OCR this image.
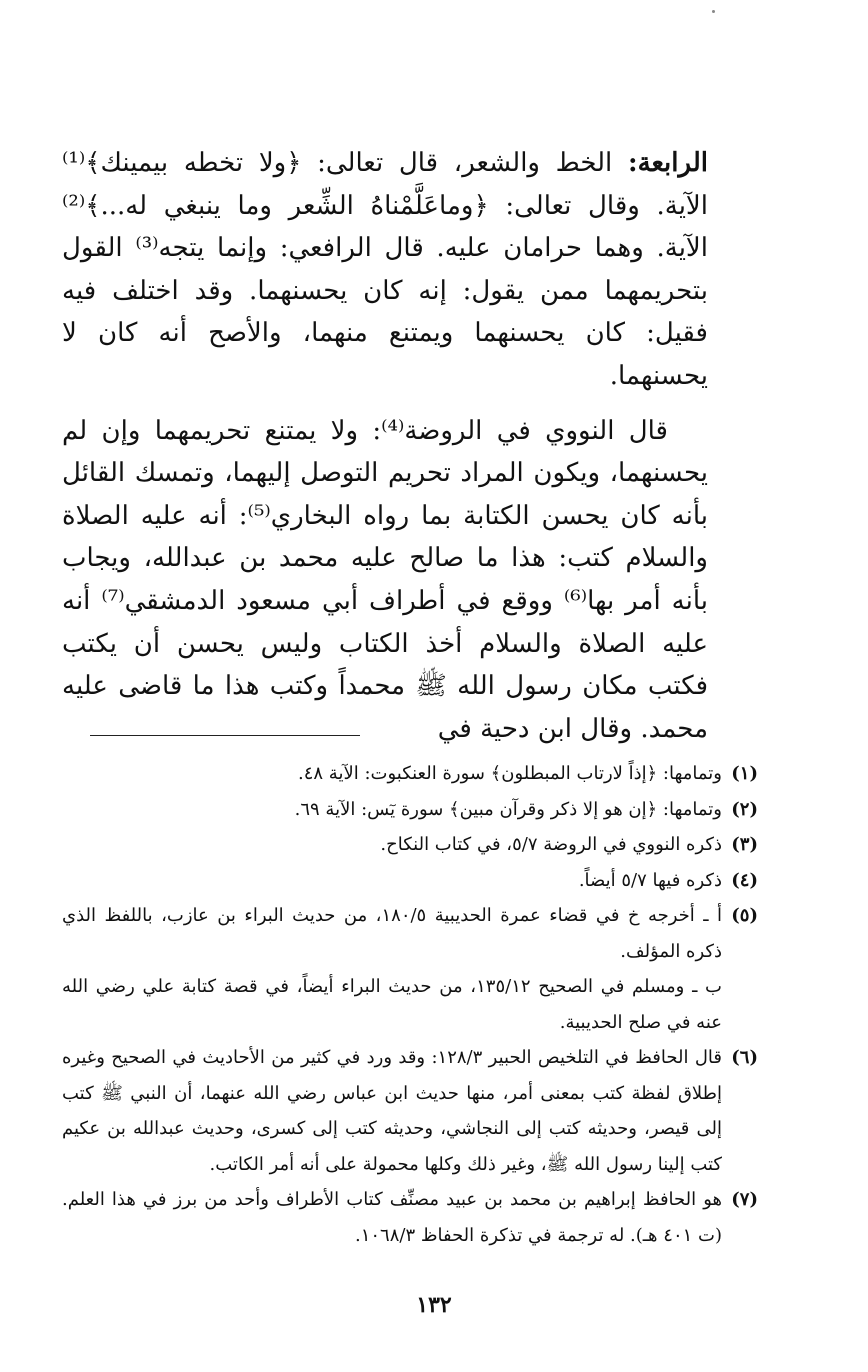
الرابعة: الخط والشعر، قال تعالى: ﴿ولا تخطه بيمينك﴾⁽¹⁾ الآية. وقال تعالى: ﴿وماعَلَّمْناهُ الشِّعر وما ينبغي له...﴾⁽²⁾ الآية. وهما حرامان عليه. قال الرافعي: وإنما يتجه⁽³⁾ القول بتحريمهما ممن يقول: إنه كان يحسنهما. وقد اختلف فيه فقيل: كان يحسنهما ويمتنع منهما، والأصح أنه كان لا يحسنهما.

قال النووي في الروضة⁽⁴⁾: ولا يمتنع تحريمهما وإن لم يحسنهما، ويكون المراد تحريم التوصل إليهما، وتمسك القائل بأنه كان يحسن الكتابة بما رواه البخاري⁽⁵⁾: أنه عليه الصلاة والسلام كتب: هذا ما صالح عليه محمد بن عبدالله، ويجاب بأنه أمر بها⁽⁶⁾ ووقع في أطراف أبي مسعود الدمشقي⁽⁷⁾ أنه عليه الصلاة والسلام أخذ الكتاب وليس يحسن أن يكتب فكتب مكان رسول الله ﷺ محمداً وكتب هذا ما قاضى عليه محمد. وقال ابن دحية في

(١)
وتمامها: ﴿إذاً لارتاب المبطلون﴾ سورة العنكبوت: الآية ٤٨.
(٢)
وتمامها: ﴿إن هو إلا ذكر وقرآن مبين﴾ سورة يٓس: الآية ٦٩.
(٣)
ذكره النووي في الروضة ٥/٧، في كتاب النكاح.
(٤)
ذكره فيها ٥/٧ أيضاً.
(٥)
أ ـ أخرجه خ في قضاء عمرة الحديبية ١٨٠/٥، من حديث البراء بن عازب، باللفظ الذي ذكره المؤلف.
ب ـ ومسلم في الصحيح ١٣٥/١٢، من حديث البراء أيضاً، في قصة كتابة علي رضي الله عنه في صلح الحديبية.
(٦)
قال الحافظ في التلخيص الحبير ١٢٨/٣: وقد ورد في كثير من الأحاديث في الصحيح وغيره إطلاق لفظة كتب بمعنى أمر، منها حديث ابن عباس رضي الله عنهما، أن النبي ﷺ كتب إلى قيصر، وحديثه كتب إلى النجاشي، وحديثه كتب إلى كسرى، وحديث عبدالله بن عكيم كتب إلينا رسول الله ﷺ، وغير ذلك وكلها محمولة على أنه أمر الكاتب.
(٧)
هو الحافظ إبراهيم بن محمد بن عبيد مصنِّف كتاب الأطراف وأحد من برز في هذا العلم. (ت ٤٠١ هـ). له ترجمة في تذكرة الحفاظ ١٠٦٨/٣.
١٣٢
